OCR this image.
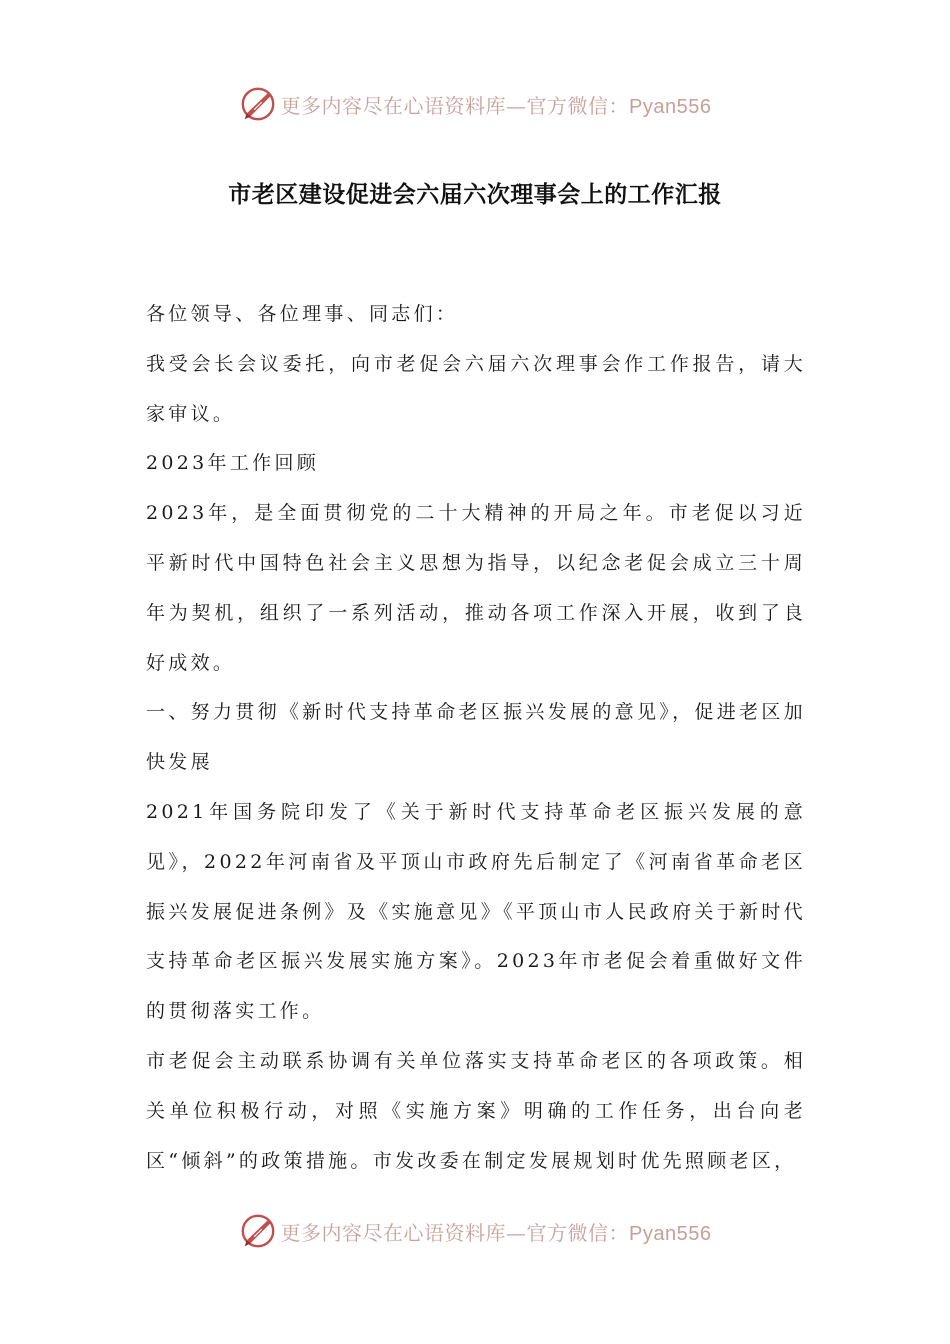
更多内容尽在心语资料库—官方微信：Pyan556
市老区建设促进会六届六次理事会上的工作汇报

各位领导、各位理事、同志们：

我受会长会议委托，向市老促会六届六次理事会作工作报告，请大家审议。

2023年工作回顾

2023年，是全面贯彻党的二十大精神的开局之年。市老促以习近平新时代中国特色社会主义思想为指导，以纪念老促会成立三十周年为契机，组织了一系列活动，推动各项工作深入开展，收到了良好成效。

一、努力贯彻《新时代支持革命老区振兴发展的意见》，促进老区加快发展

2021年国务院印发了《关于新时代支持革命老区振兴发展的意见》，2022年河南省及平顶山市政府先后制定了《河南省革命老区振兴发展促进条例》及《实施意见》《平顶山市人民政府关于新时代支持革命老区振兴发展实施方案》。2023年市老促会着重做好文件的贯彻落实工作。

市老促会主动联系协调有关单位落实支持革命老区的各项政策。相关单位积极行动，对照《实施方案》明确的工作任务，出台向老区“倾斜”的政策措施。市发改委在制定发展规划时优先照顾老区，

更多内容尽在心语资料库—官方微信：Pyan556
